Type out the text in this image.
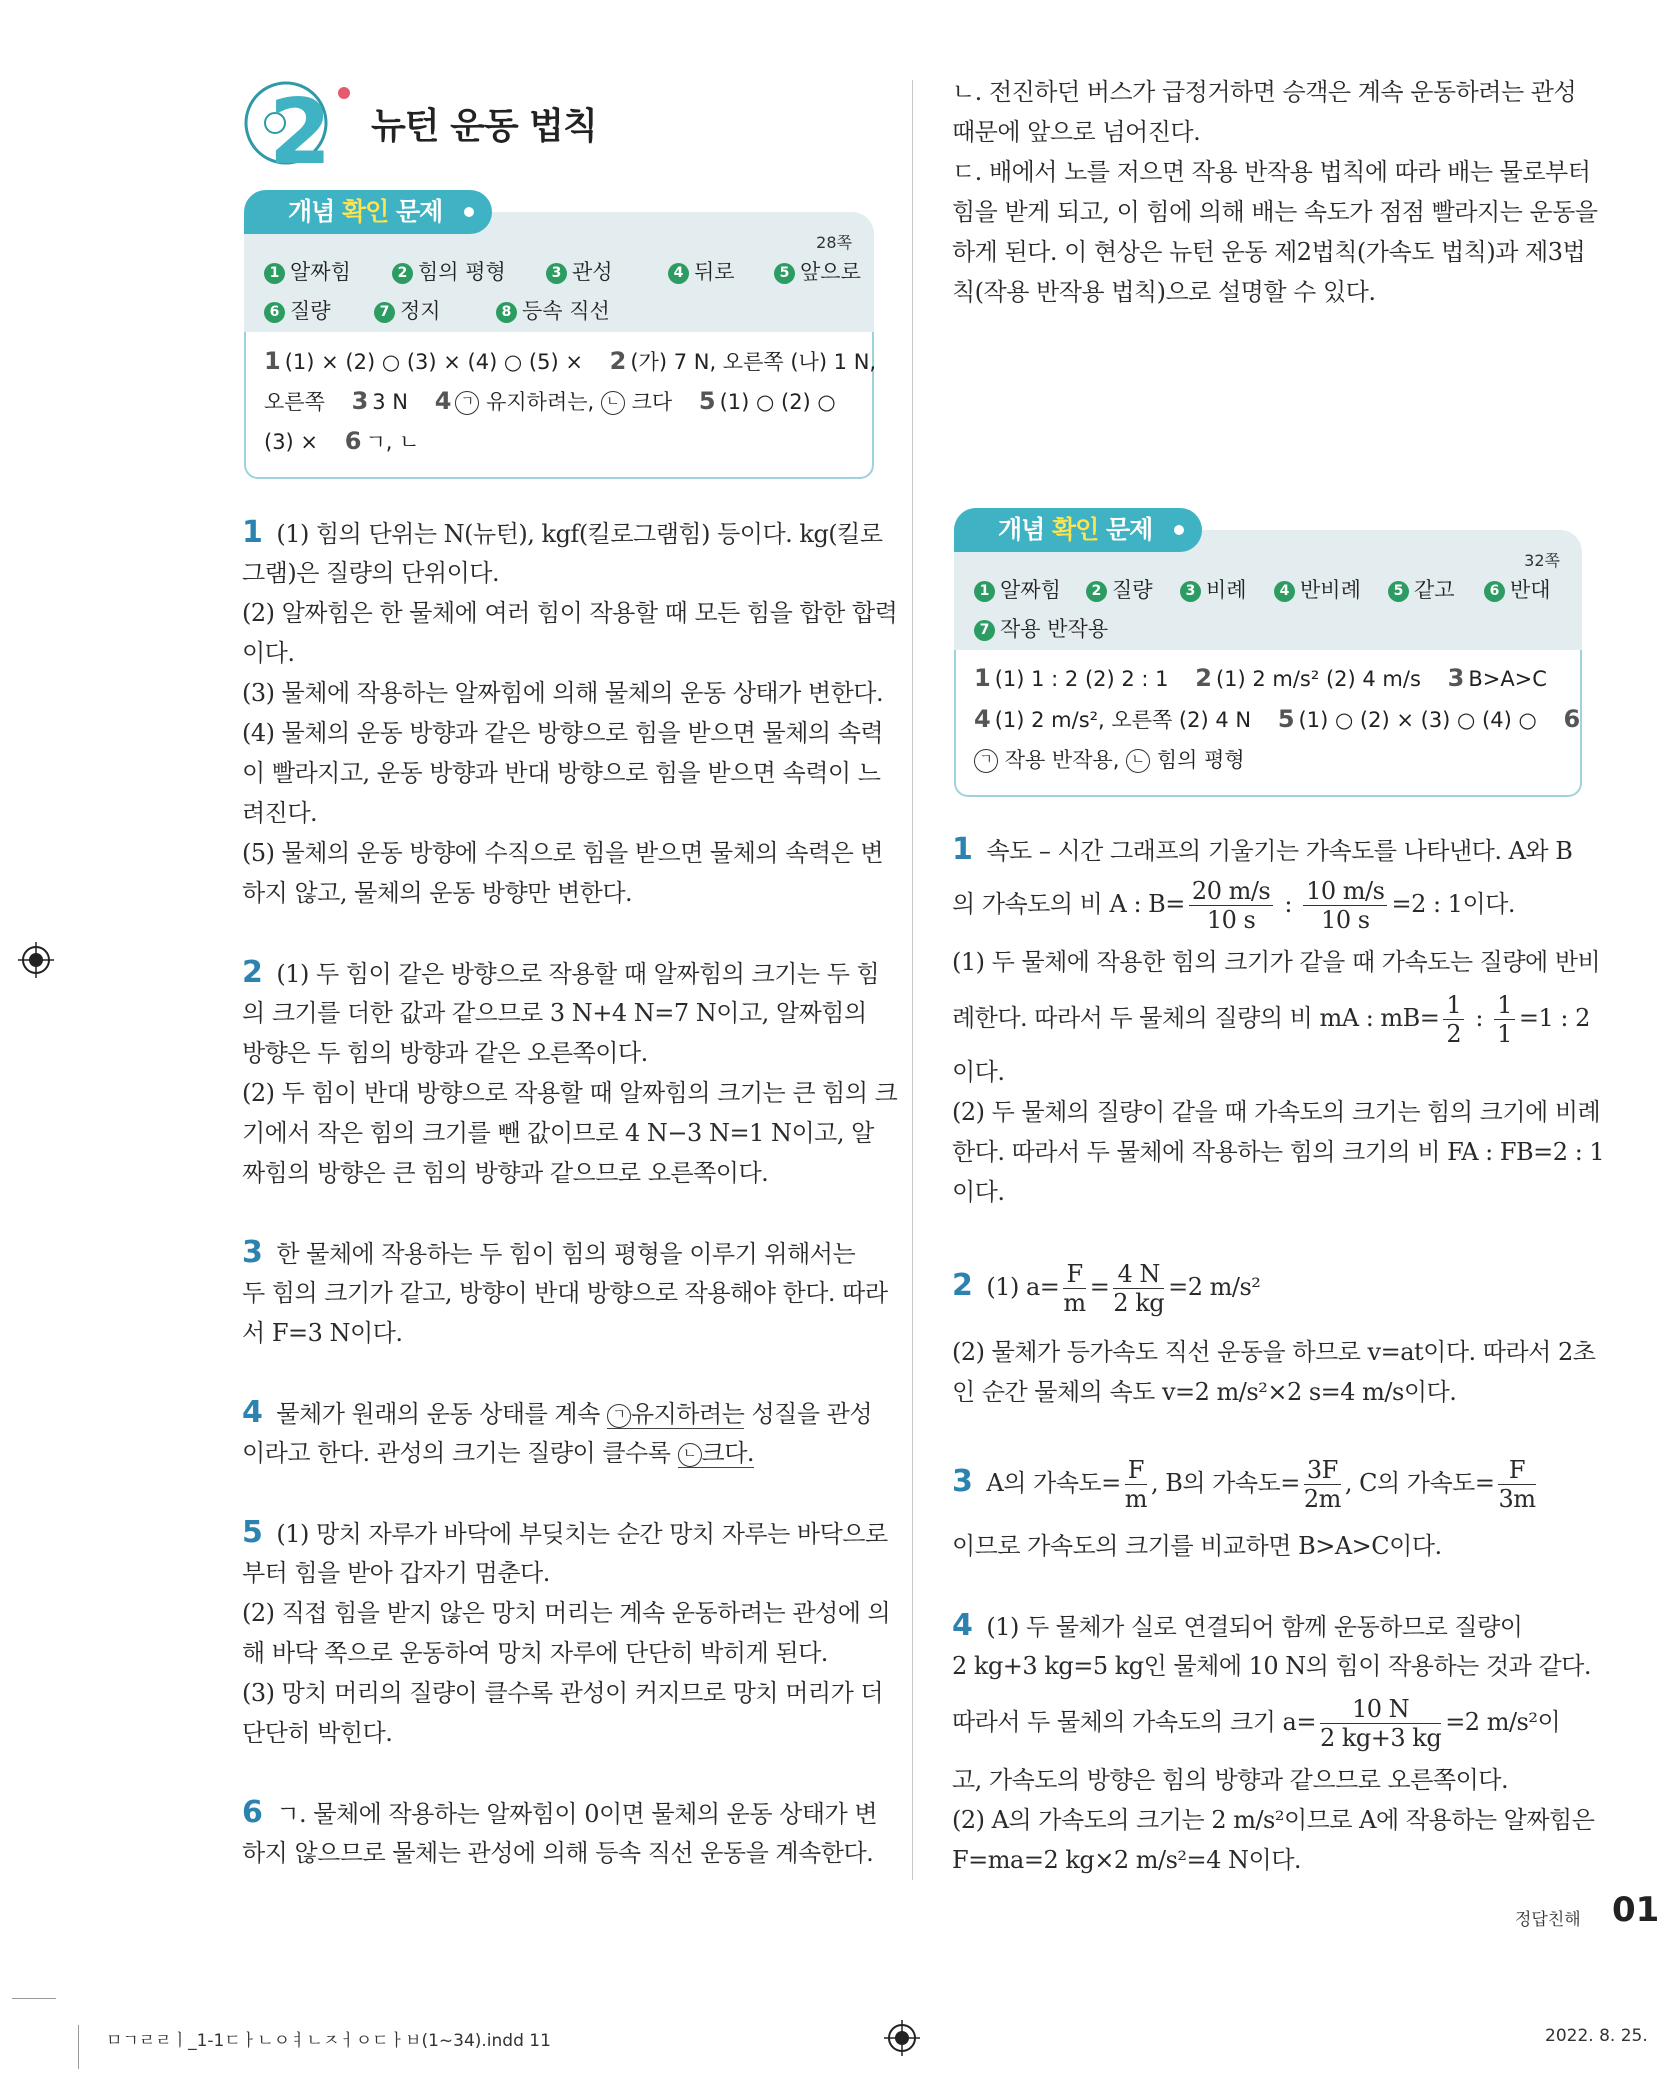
2 뉴턴 운동 법칙
개념 확인 문제
28쪽
1 알짜힘	2 힘의 평형	3 관성	4 뒤로	5 앞으로
6 질량	7 정지	8 등속 직선
1 (1) × (2) ○ (3) × (4) ○ (5) × 2 (가) 7 N, 오른쪽 (나) 1 N,
오른쪽 3 3 N 4 ㄱ 유지하려는, ㄴ 크다 5 (1) ○ (2) ○
(3) × 6 ㄱ, ㄴ
1 (1) 힘의 단위는 N(뉴턴), kgf(킬로그램힘) 등이다. kg(킬로
그램)은 질량의 단위이다.
(2) 알짜힘은 한 물체에 여러 힘이 작용할 때 모든 힘을 합한 합력
이다.
(3) 물체에 작용하는 알짜힘에 의해 물체의 운동 상태가 변한다.
(4) 물체의 운동 방향과 같은 방향으로 힘을 받으면 물체의 속력
이 빨라지고, 운동 방향과 반대 방향으로 힘을 받으면 속력이 느
려진다.
(5) 물체의 운동 방향에 수직으로 힘을 받으면 물체의 속력은 변
하지 않고, 물체의 운동 방향만 변한다.
2 (1) 두 힘이 같은 방향으로 작용할 때 알짜힘의 크기는 두 힘
의 크기를 더한 값과 같으므로 3 N+4 N=7 N이고, 알짜힘의
방향은 두 힘의 방향과 같은 오른쪽이다.
(2) 두 힘이 반대 방향으로 작용할 때 알짜힘의 크기는 큰 힘의 크
기에서 작은 힘의 크기를 뺀 값이므로 4 N−3 N=1 N이고, 알
짜힘의 방향은 큰 힘의 방향과 같으므로 오른쪽이다.
3 한 물체에 작용하는 두 힘이 힘의 평형을 이루기 위해서는
두 힘의 크기가 같고, 방향이 반대 방향으로 작용해야 한다. 따라
서 F=3 N이다.
4 물체가 원래의 운동 상태를 계속 ㄱ 유지하려는 성질을 관성
이라고 한다. 관성의 크기는 질량이 클수록 ㄴ 크다.
5 (1) 망치 자루가 바닥에 부딪치는 순간 망치 자루는 바닥으로
부터 힘을 받아 갑자기 멈춘다.
(2) 직접 힘을 받지 않은 망치 머리는 계속 운동하려는 관성에 의
해 바닥 쪽으로 운동하여 망치 자루에 단단히 박히게 된다.
(3) 망치 머리의 질량이 클수록 관성이 커지므로 망치 머리가 더
단단히 박힌다.
6 ㄱ. 물체에 작용하는 알짜힘이 0이면 물체의 운동 상태가 변
하지 않으므로 물체는 관성에 의해 등속 직선 운동을 계속한다.
ㄴ. 전진하던 버스가 급정거하면 승객은 계속 운동하려는 관성
때문에 앞으로 넘어진다.
ㄷ. 배에서 노를 저으면 작용 반작용 법칙에 따라 배는 물로부터
힘을 받게 되고, 이 힘에 의해 배는 속도가 점점 빨라지는 운동을
하게 된다. 이 현상은 뉴턴 운동 제2법칙(가속도 법칙)과 제3법
칙(작용 반작용 법칙)으로 설명할 수 있다.
개념 확인 문제
32쪽
1 알짜힘	2 질량	3 비례	4 반비례	5 같고	6 반대
7 작용 반작용
1 (1) 1 : 2 (2) 2 : 1 2 (1) 2 m/s² (2) 4 m/s 3 B>A>C
4 (1) 2 m/s², 오른쪽 (2) 4 N 5 (1) ○ (2) × (3) ○ (4) ○ 6
ㄱ 작용 반작용, ㄴ 힘의 평형
1 속도 – 시간 그래프의 기울기는 가속도를 나타낸다. A와 B
의 가속도의 비 A : $B= \frac{20 m/s}{10 s}$ : $\frac{10 m/s}{10 s} =2$ : 1이다.
(1) 두 물체에 작용한 힘의 크기가 같을 때 가속도는 질량에 반비
례한다. 따라서 두 물체의 질량의 비 mA : $mB= \frac{1}{2}$ : $\frac{1}{1} =1$ : 2
이다.
(2) 두 물체의 질량이 같을 때 가속도의 크기는 힘의 크기에 비례
한다. 따라서 두 물체에 작용하는 힘의 크기의 비 FA : FB=2 : 1
이다.
2 (1) $a= \frac{F}{m} = \frac{4 N}{2 kg} =2$ m/s²
(2) 물체가 등가속도 직선 운동을 하므로 v=at이다. 따라서 2초
인 순간 물체의 속도 v=2 m/s²×2 s=4 m/s이다.
3 A의 가속도= $\frac{F}{m}$ , B의 가속도= $\frac{3F}{2m}$ , C의 가속도= $\frac{F}{3m}$
이므로 가속도의 크기를 비교하면 B>A>C이다.
4 (1) 두 물체가 실로 연결되어 함께 운동하므로 질량이
2 kg+3 kg=5 kg인 물체에 10 N의 힘이 작용하는 것과 같다.
따라서 두 물체의 가속도의 크기 $a= \frac{10 N}{2 kg+3 kg} =2$ m/s²이
고, 가속도의 방향은 힘의 방향과 같으므로 오른쪽이다.
(2) A의 가속도의 크기는 2 m/s²이므로 A에 작용하는 알짜힘은
F=ma=2 kg×2 m/s²=4 N이다.
정답친해 01
ㅁㄱㄹㄹㅣ_1-1ㄷㅏㄴㅇㅕㄴㅈㅓㅇㄷㅏㅂ(1~34).indd 11	2022. 8. 25.
